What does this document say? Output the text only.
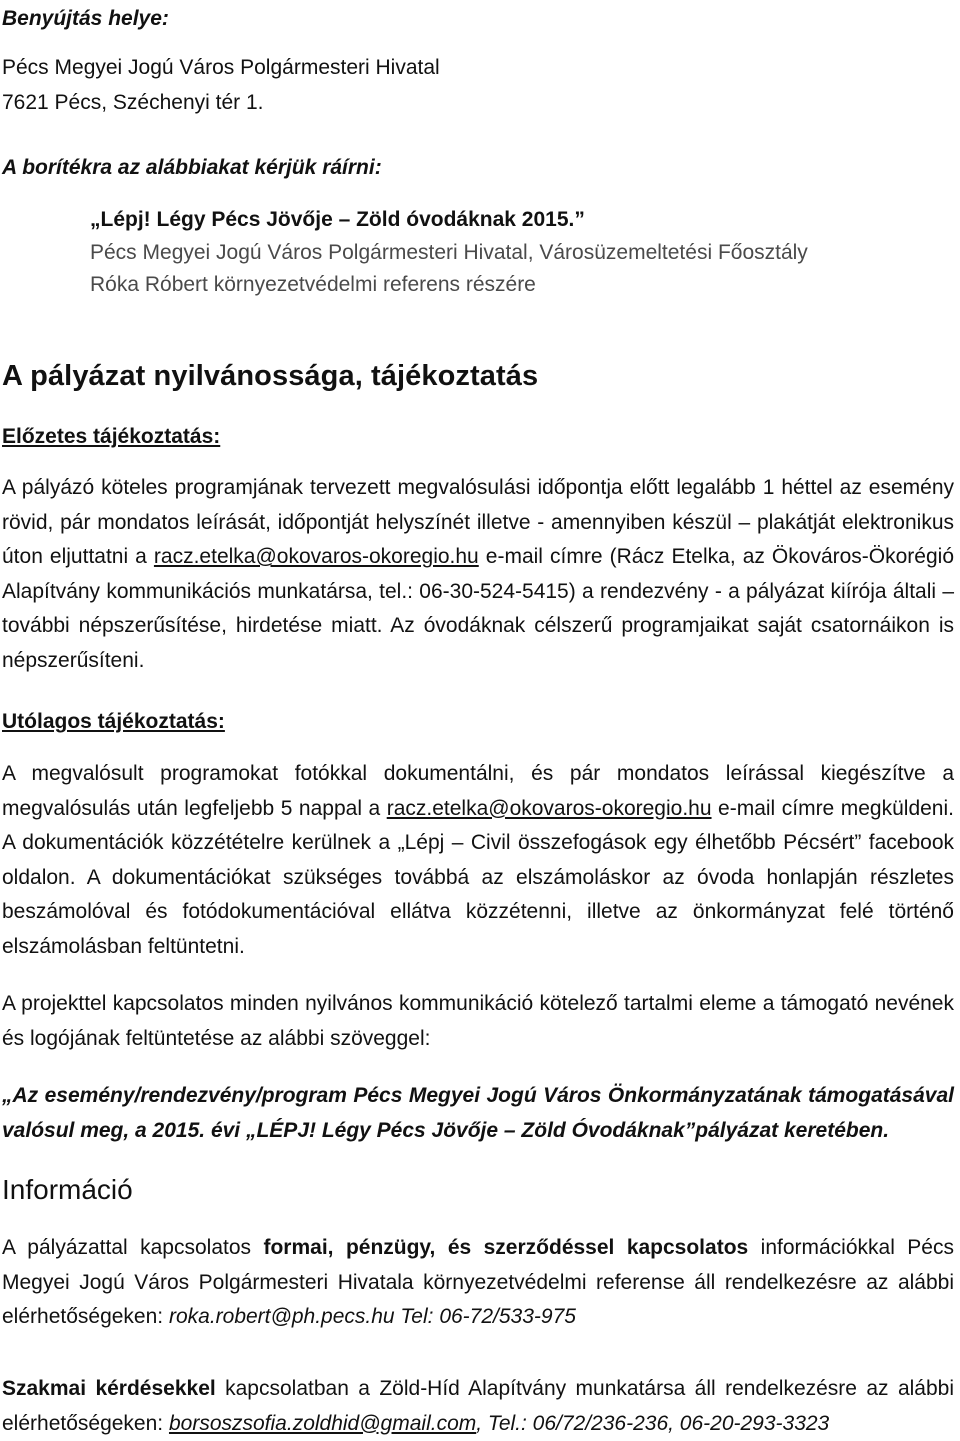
Benyújtás helye:
Pécs Megyei Jogú Város Polgármesteri Hivatal
7621 Pécs, Széchenyi tér 1.
A borítékra az alábbiakat kérjük ráírni:
„Lépj! Légy Pécs Jövője – Zöld óvodáknak 2015.”
Pécs Megyei Jogú Város Polgármesteri Hivatal, Városüzemeltetési Főosztály
Róka Róbert környezetvédelmi referens részére
A pályázat nyilvánossága, tájékoztatás
Előzetes tájékoztatás:
A pályázó köteles programjának tervezett megvalósulási időpontja előtt legalább 1 héttel az esemény rövid, pár mondatos leírását, időpontját helyszínét illetve - amennyiben készül – plakátját elektronikus úton eljuttatni a racz.etelka@okovaros-okoregio.hu e-mail címre (Rácz Etelka, az Ökováros-Ökorégió Alapítvány kommunikációs munkatársa, tel.: 06-30-524-5415) a rendezvény - a pályázat kiírója általi – további népszerűsítése, hirdetése miatt. Az óvodáknak célszerű programjaikat saját csatornáikon is népszerűsíteni.
Utólagos tájékoztatás:
A megvalósult programokat fotókkal dokumentálni, és pár mondatos leírással kiegészítve a megvalósulás után legfeljebb 5 nappal a racz.etelka@okovaros-okoregio.hu e-mail címre megküldeni. A dokumentációk közzétételre kerülnek a „Lépj – Civil összefogások egy élhetőbb Pécsért” facebook oldalon. A dokumentációkat szükséges továbbá az elszámoláskor az óvoda honlapján részletes beszámolóval és fotódokumentációval ellátva közzétenni, illetve az önkormányzat felé történő elszámolásban feltüntetni.
A projekttel kapcsolatos minden nyilvános kommunikáció kötelező tartalmi eleme a támogató nevének és logójának feltüntetése az alábbi szöveggel:
„Az esemény/rendezvény/program Pécs Megyei Jogú Város Önkormányzatának támogatásával valósul meg, a 2015. évi „LÉPJ! Légy Pécs Jövője – Zöld Óvodáknak”pályázat keretében.
Információ
A pályázattal kapcsolatos formai, pénzügy, és szerződéssel kapcsolatos információkkal Pécs Megyei Jogú Város Polgármesteri Hivatala környezetvédelmi referense áll rendelkezésre az alábbi elérhetőségeken: roka.robert@ph.pecs.hu Tel: 06-72/533-975
Szakmai kérdésekkel kapcsolatban a Zöld-Híd Alapítvány munkatársa áll rendelkezésre az alábbi elérhetőségeken: borsoszsofia.zoldhid@gmail.com, Tel.: 06/72/236-236, 06-20-293-3323
